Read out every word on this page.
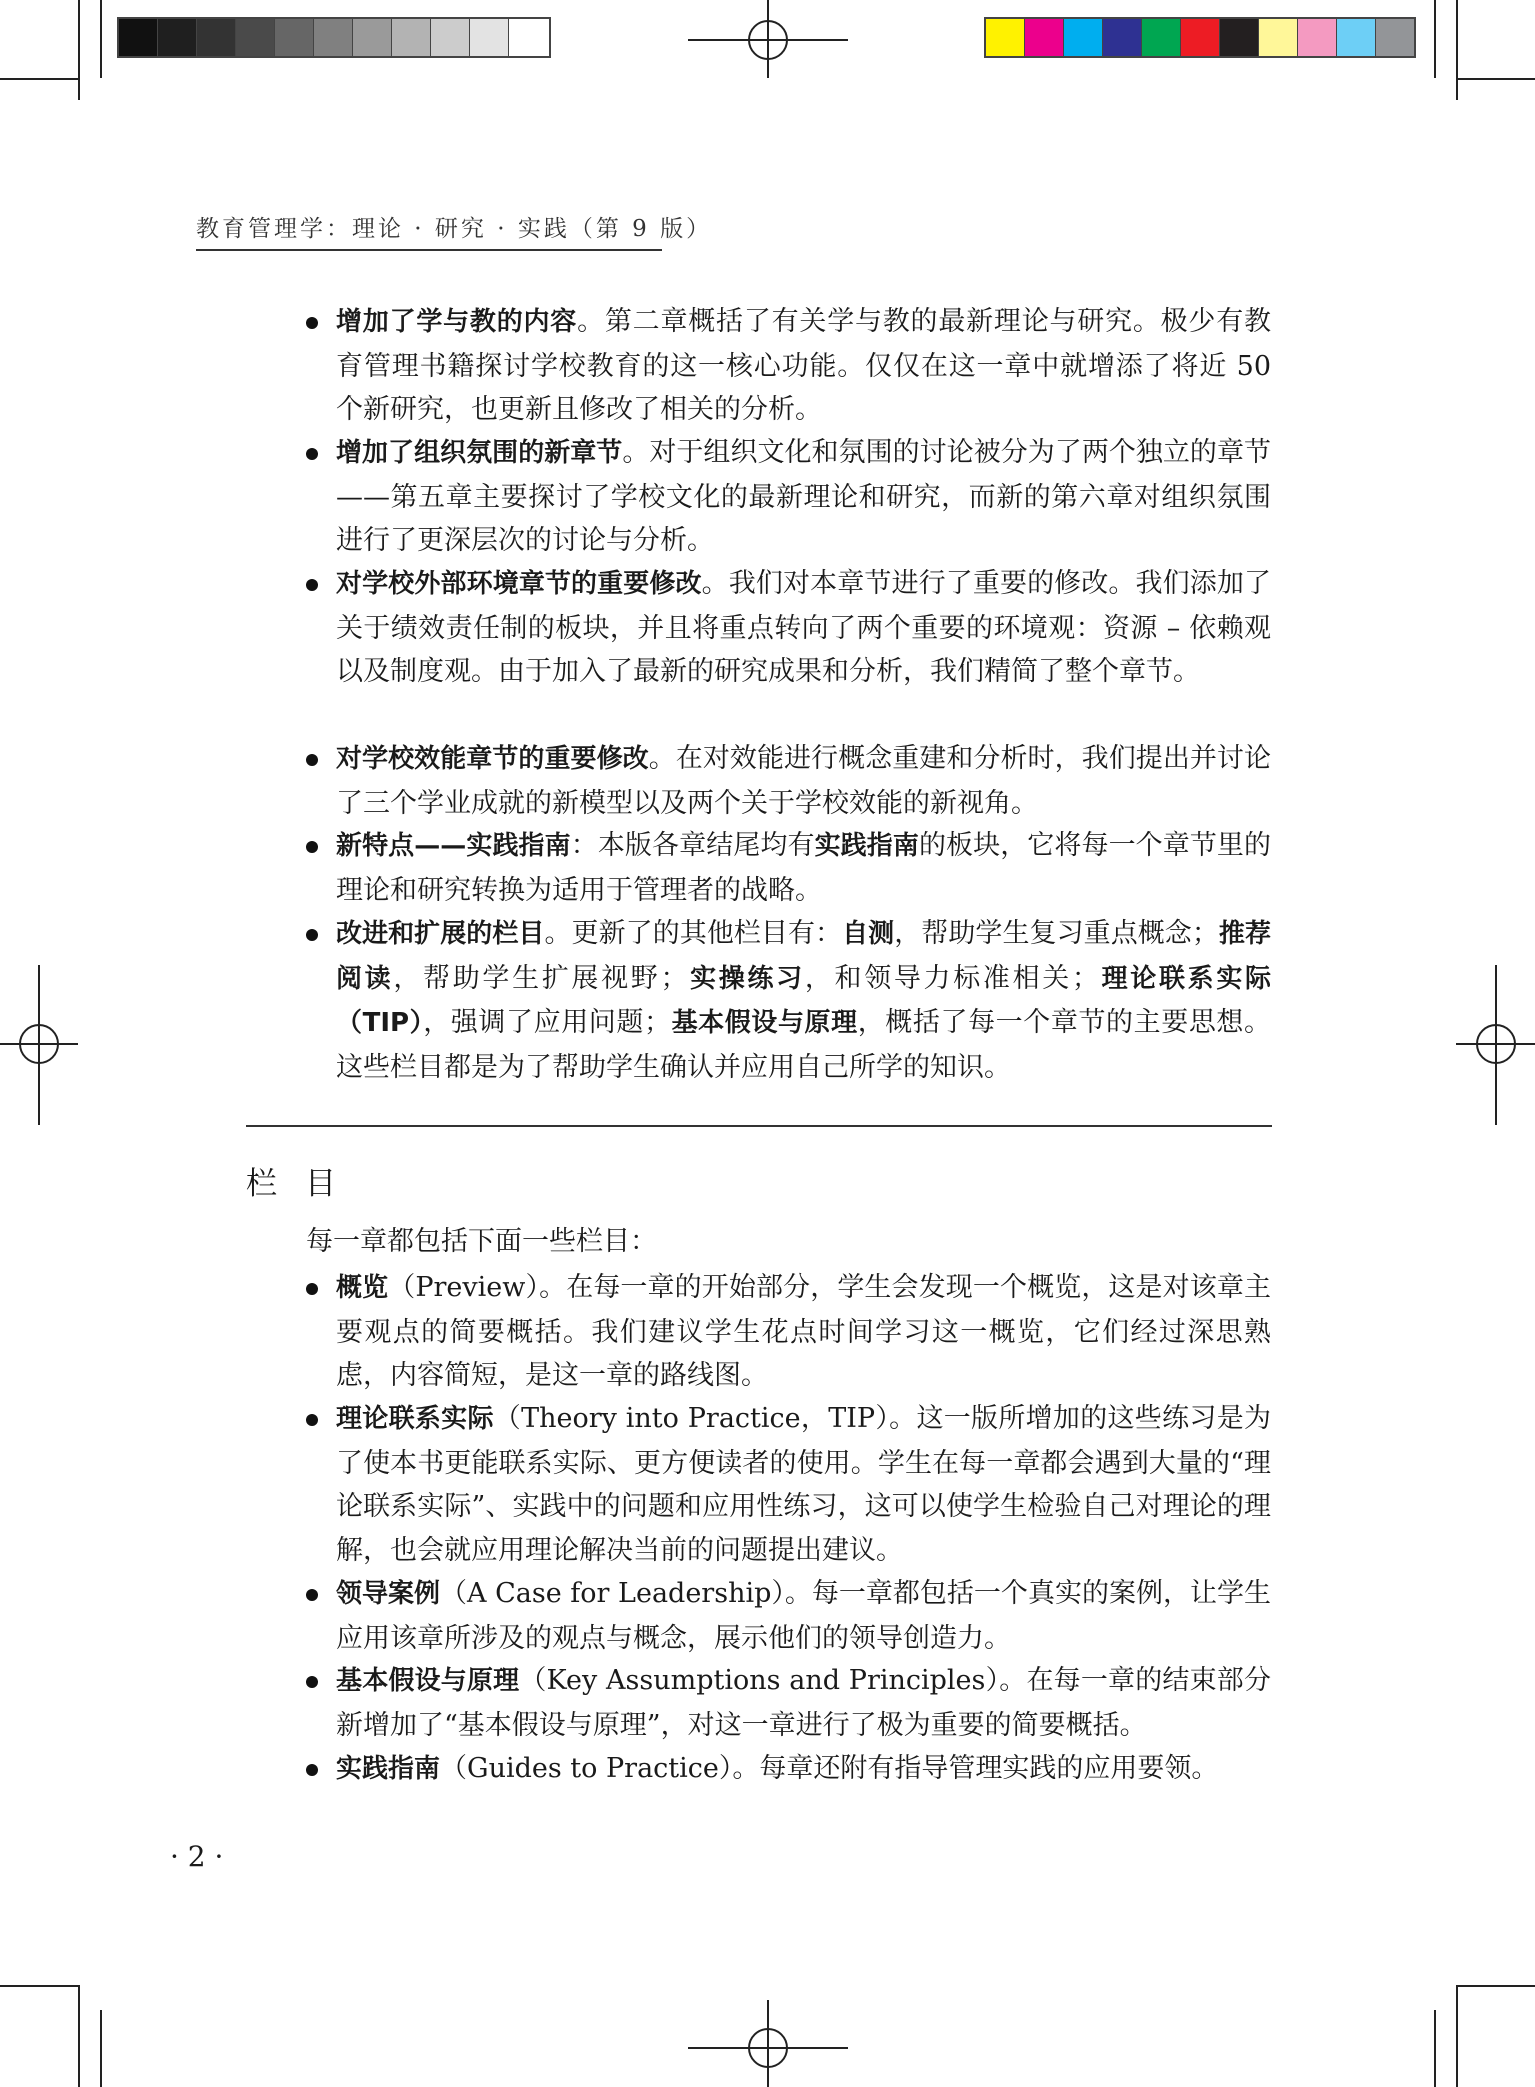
教育管理学：理论 · 研究 · 实践（第 9 版）
增加了学与教的内容。第二章概括了有关学与教的最新理论与研究。极少有教育管理书籍探讨学校教育的这一核心功能。仅仅在这一章中就增添了将近 50 个新研究，也更新且修改了相关的分析。
增加了组织氛围的新章节。对于组织文化和氛围的讨论被分为了两个独立的章节——第五章主要探讨了学校文化的最新理论和研究，而新的第六章对组织氛围进行了更深层次的讨论与分析。
对学校外部环境章节的重要修改。我们对本章节进行了重要的修改。我们添加了关于绩效责任制的板块，并且将重点转向了两个重要的环境观：资源 – 依赖观以及制度观。由于加入了最新的研究成果和分析，我们精简了整个章节。
对学校效能章节的重要修改。在对效能进行概念重建和分析时，我们提出并讨论了三个学业成就的新模型以及两个关于学校效能的新视角。
新特点——实践指南：本版各章结尾均有实践指南的板块，它将每一个章节里的理论和研究转换为适用于管理者的战略。
改进和扩展的栏目。更新了的其他栏目有：自测，帮助学生复习重点概念；推荐阅读，帮助学生扩展视野；实操练习，和领导力标准相关；理论联系实际（TIP），强调了应用问题；基本假设与原理，概括了每一个章节的主要思想。这些栏目都是为了帮助学生确认并应用自己所学的知识。
栏目
每一章都包括下面一些栏目：
概览（Preview）。在每一章的开始部分，学生会发现一个概览，这是对该章主要观点的简要概括。我们建议学生花点时间学习这一概览，它们经过深思熟虑，内容简短，是这一章的路线图。
理论联系实际（Theory into Practice，TIP）。这一版所增加的这些练习是为了使本书更能联系实际、更方便读者的使用。学生在每一章都会遇到大量的“理论联系实际”、实践中的问题和应用性练习，这可以使学生检验自己对理论的理解，也会就应用理论解决当前的问题提出建议。
领导案例（A Case for Leadership）。每一章都包括一个真实的案例，让学生应用该章所涉及的观点与概念，展示他们的领导创造力。
基本假设与原理（Key Assumptions and Principles）。在每一章的结束部分新增加了“基本假设与原理”，对这一章进行了极为重要的简要概括。
实践指南（Guides to Practice）。每章还附有指导管理实践的应用要领。
· 2 ·
